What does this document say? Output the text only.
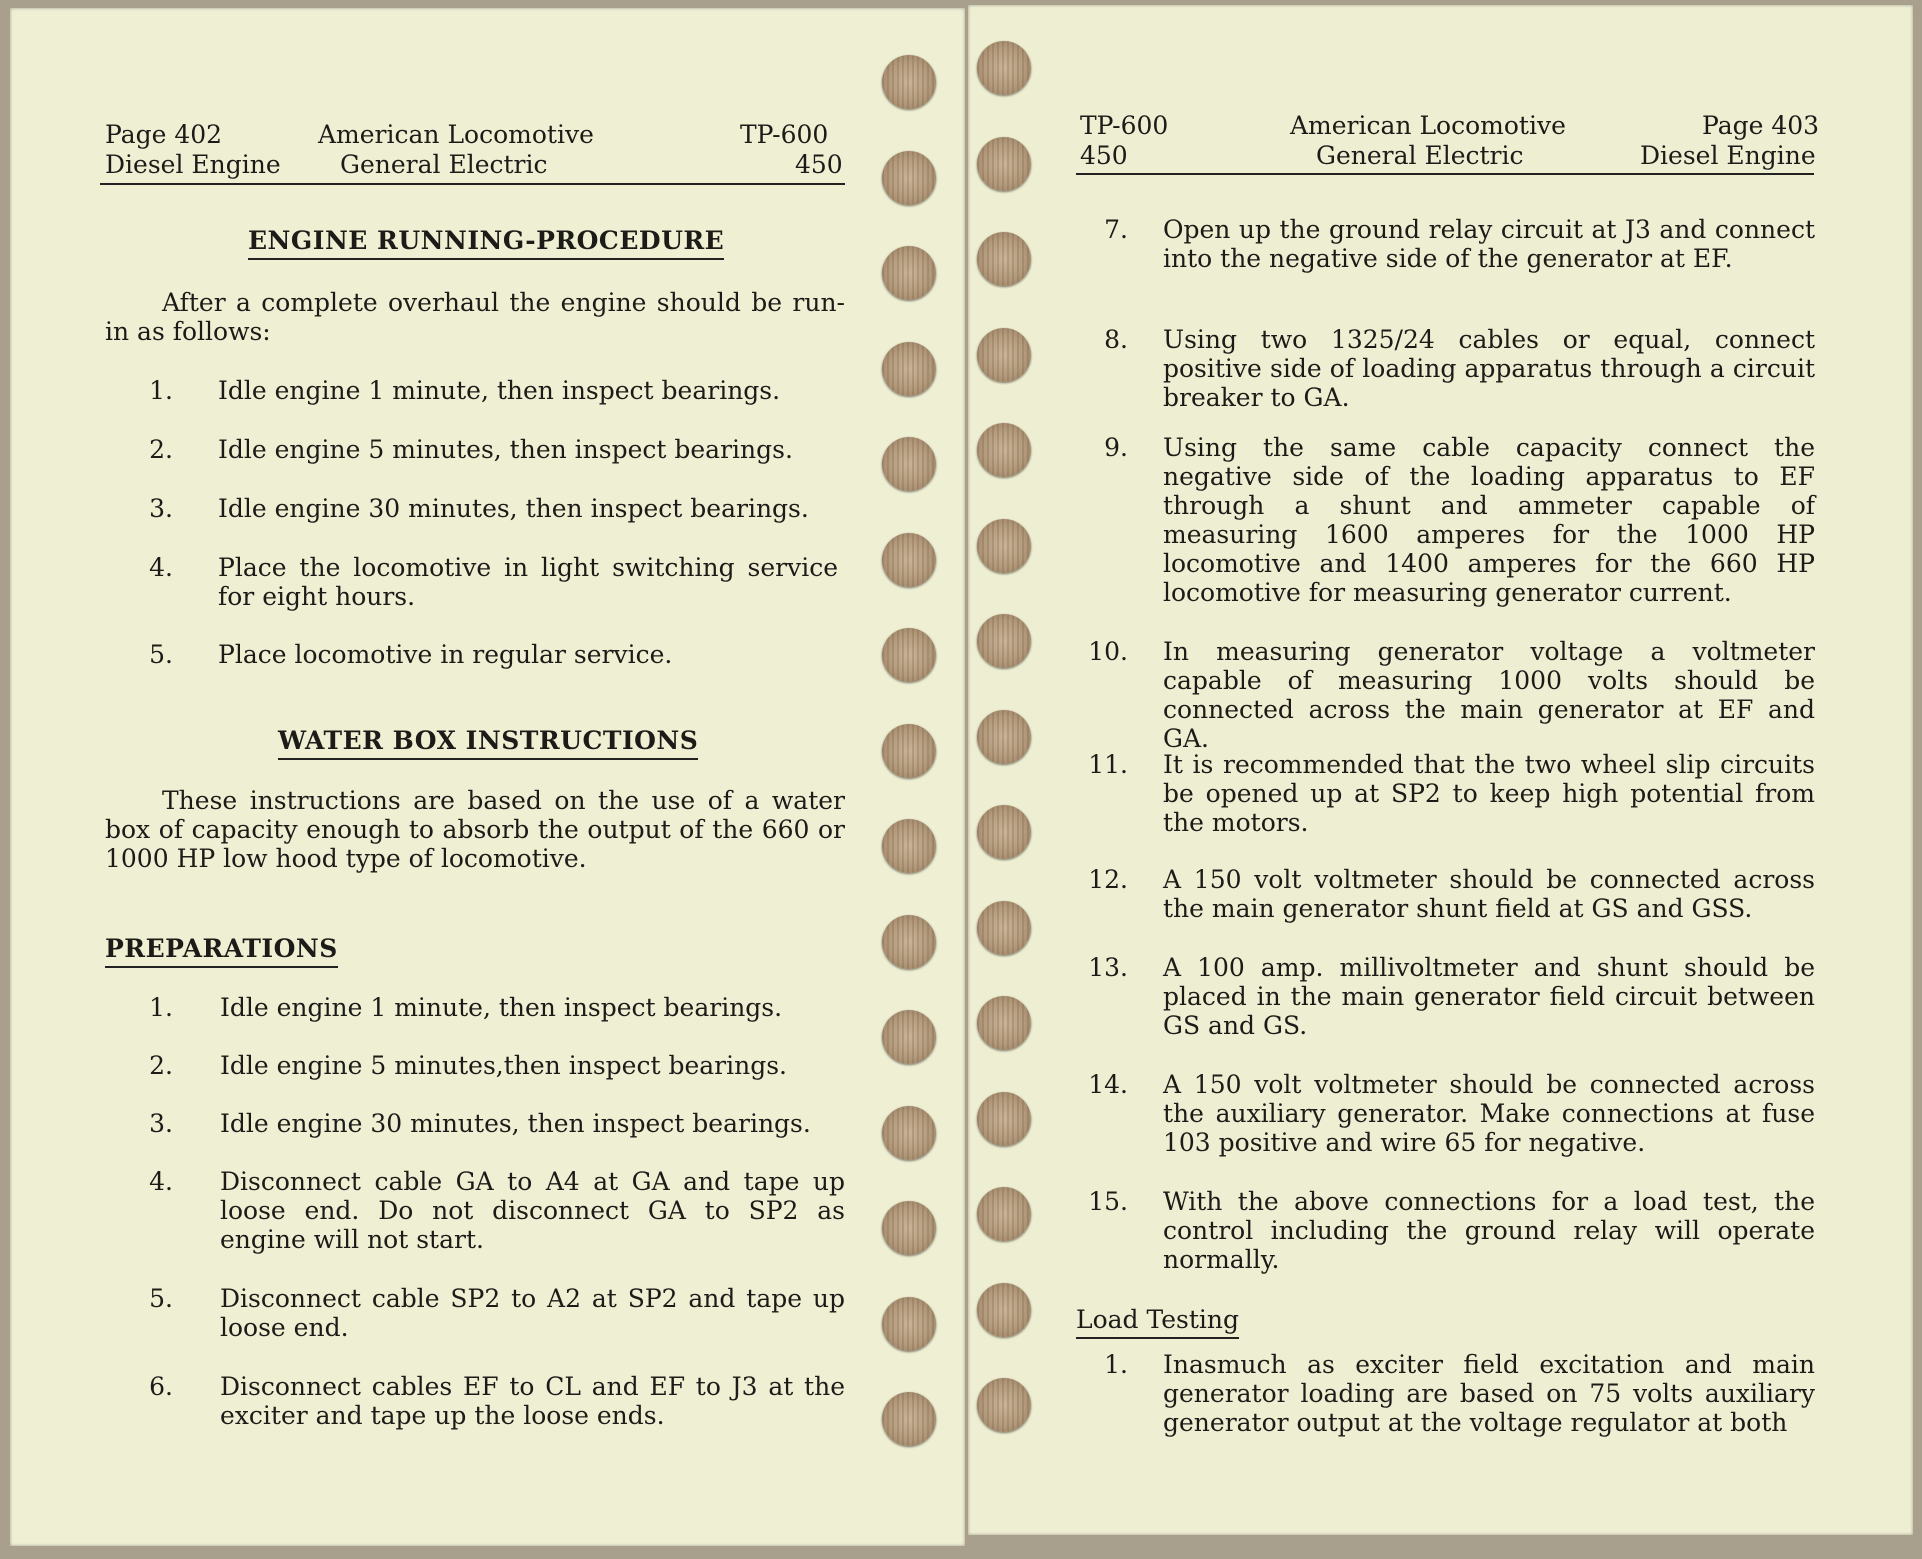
Page 402
Diesel Engine
American Locomotive
General Electric
TP-600
450
ENGINE RUNNING-PROCEDURE
After a complete overhaul the engine should be run-in as follows:
1. Idle engine 1 minute, then inspect bearings.
2. Idle engine 5 minutes, then inspect bearings.
3. Idle engine 30 minutes, then inspect bearings.
4. Place the locomotive in light switching service for eight hours.
5. Place locomotive in regular service.
WATER BOX INSTRUCTIONS
These instructions are based on the use of a water box of capacity enough to absorb the output of the 660 or 1000 HP low hood type of locomotive.
PREPARATIONS
1. Idle engine 1 minute, then inspect bearings.
2. Idle engine 5 minutes,then inspect bearings.
3. Idle engine 30 minutes, then inspect bearings.
4. Disconnect cable GA to A4 at GA and tape up loose end. Do not disconnect GA to SP2 as engine will not start.
5. Disconnect cable SP2 to A2 at SP2 and tape up loose end.
6. Disconnect cables EF to CL and EF to J3 at the exciter and tape up the loose ends.
TP-600
450
American Locomotive
General Electric
Page 403
Diesel Engine
7. Open up the ground relay circuit at J3 and connect into the negative side of the generator at EF.
8. Using two 1325/24 cables or equal, connect positive side of loading apparatus through a circuit breaker to GA.
9. Using the same cable capacity connect the negative side of the loading apparatus to EF through a shunt and ammeter capable of measuring 1600 amperes for the 1000 HP locomotive and 1400 amperes for the 660 HP locomotive for measuring generator current.
10. In measuring generator voltage a voltmeter capable of measuring 1000 volts should be connected across the main generator at EF and GA.
11. It is recommended that the two wheel slip circuits be opened up at SP2 to keep high potential from the motors.
12. A 150 volt voltmeter should be connected across the main generator shunt field at GS and GSS.
13. A 100 amp. millivoltmeter and shunt should be placed in the main generator field circuit between GS and GS.
14. A 150 volt voltmeter should be connected across the auxiliary generator. Make connections at fuse 103 positive and wire 65 for negative.
15. With the above connections for a load test, the control including the ground relay will operate normally.
Load Testing
1. Inasmuch as exciter field excitation and main generator loading are based on 75 volts auxiliary generator output at the voltage regulator at both
